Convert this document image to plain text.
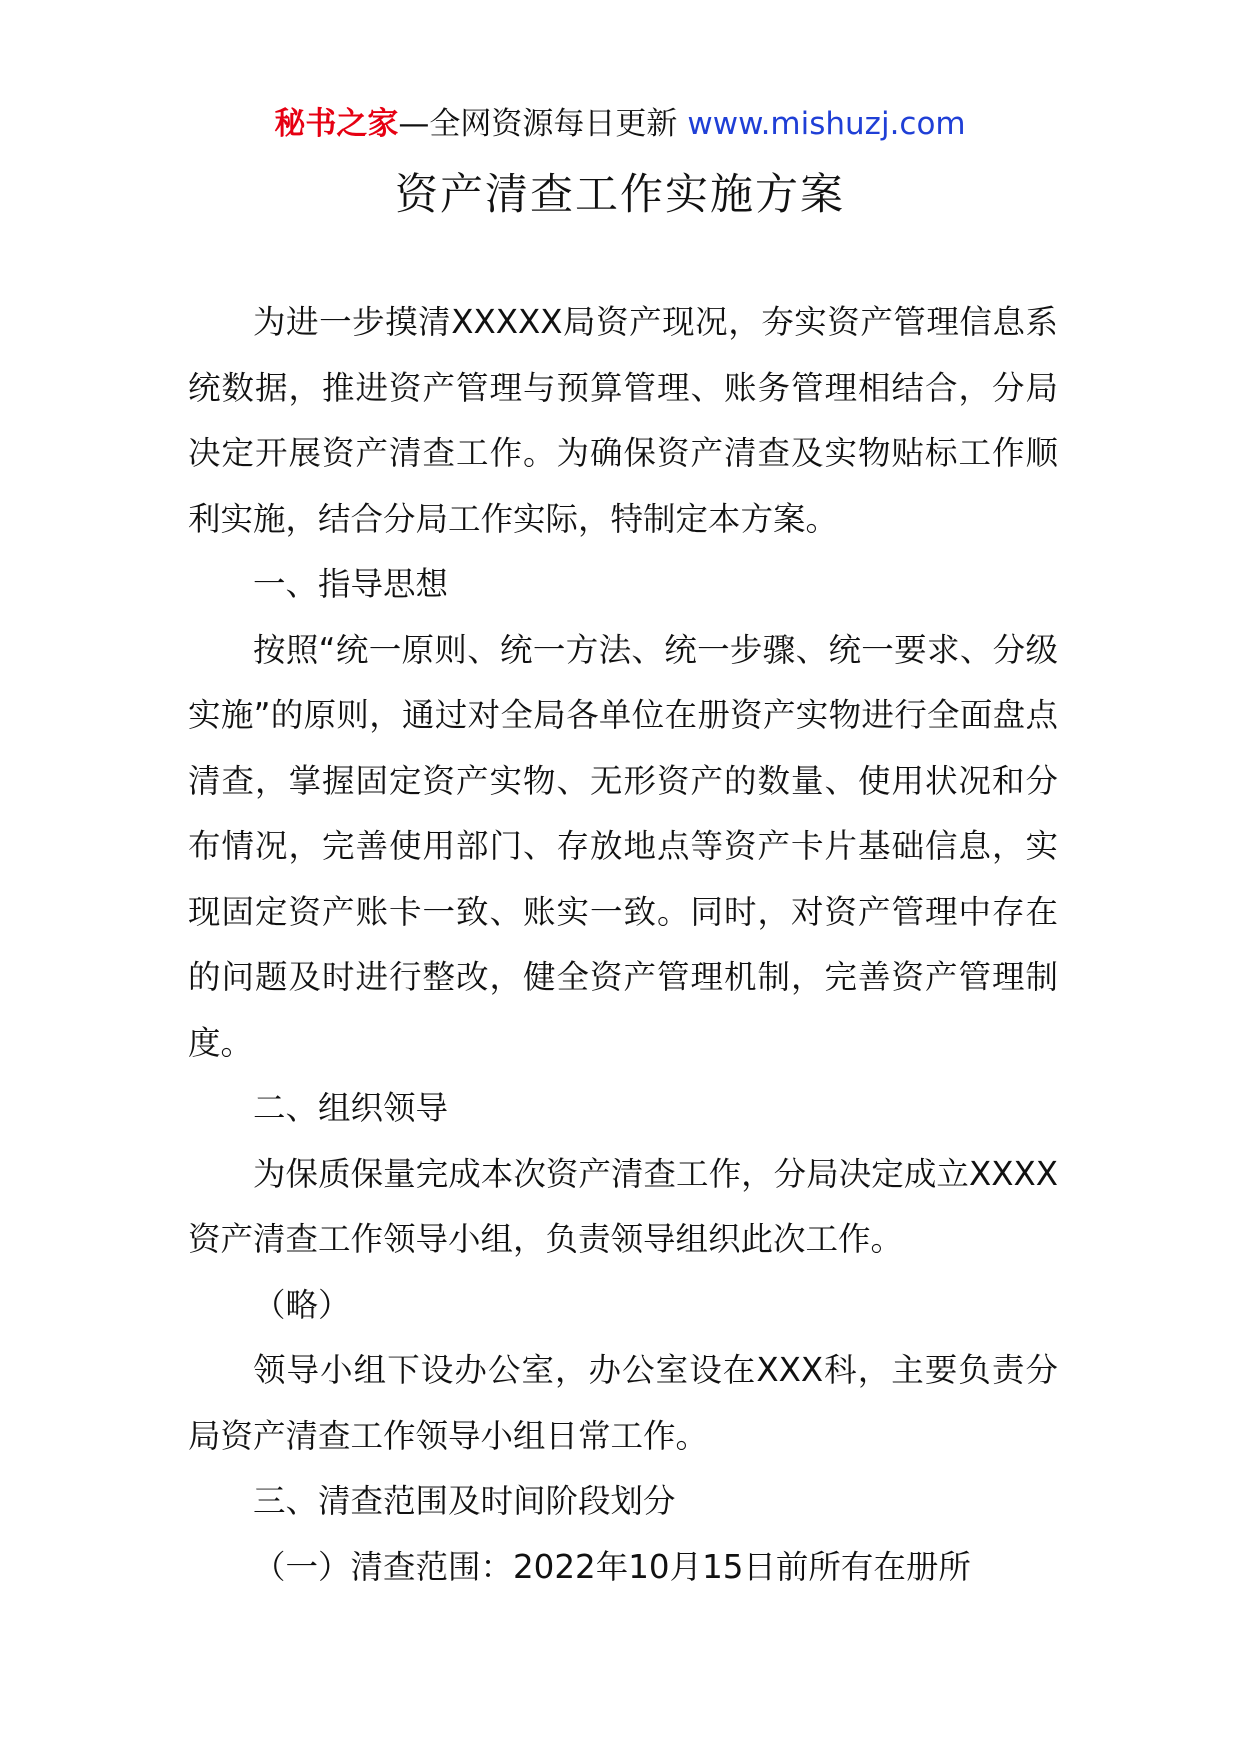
秘书之家—全网资源每日更新 www.mishuzj.com
资产清查工作实施方案

为进一步摸清XXXXX局资产现况，夯实资产管理信息系统数据，推进资产管理与预算管理、账务管理相结合，分局决定开展资产清查工作。为确保资产清查及实物贴标工作顺利实施，结合分局工作实际，特制定本方案。

一、指导思想

按照“统一原则、统一方法、统一步骤、统一要求、分级实施”的原则，通过对全局各单位在册资产实物进行全面盘点清查，掌握固定资产实物、无形资产的数量、使用状况和分布情况，完善使用部门、存放地点等资产卡片基础信息，实现固定资产账卡一致、账实一致。同时，对资产管理中存在的问题及时进行整改，健全资产管理机制，完善资产管理制度。

二、组织领导

为保质保量完成本次资产清查工作，分局决定成立XXXX资产清查工作领导小组，负责领导组织此次工作。

（略）

领导小组下设办公室，办公室设在XXX科，主要负责分局资产清查工作领导小组日常工作。

三、清查范围及时间阶段划分

（一）清查范围：2022年10月15日前所有在册所
